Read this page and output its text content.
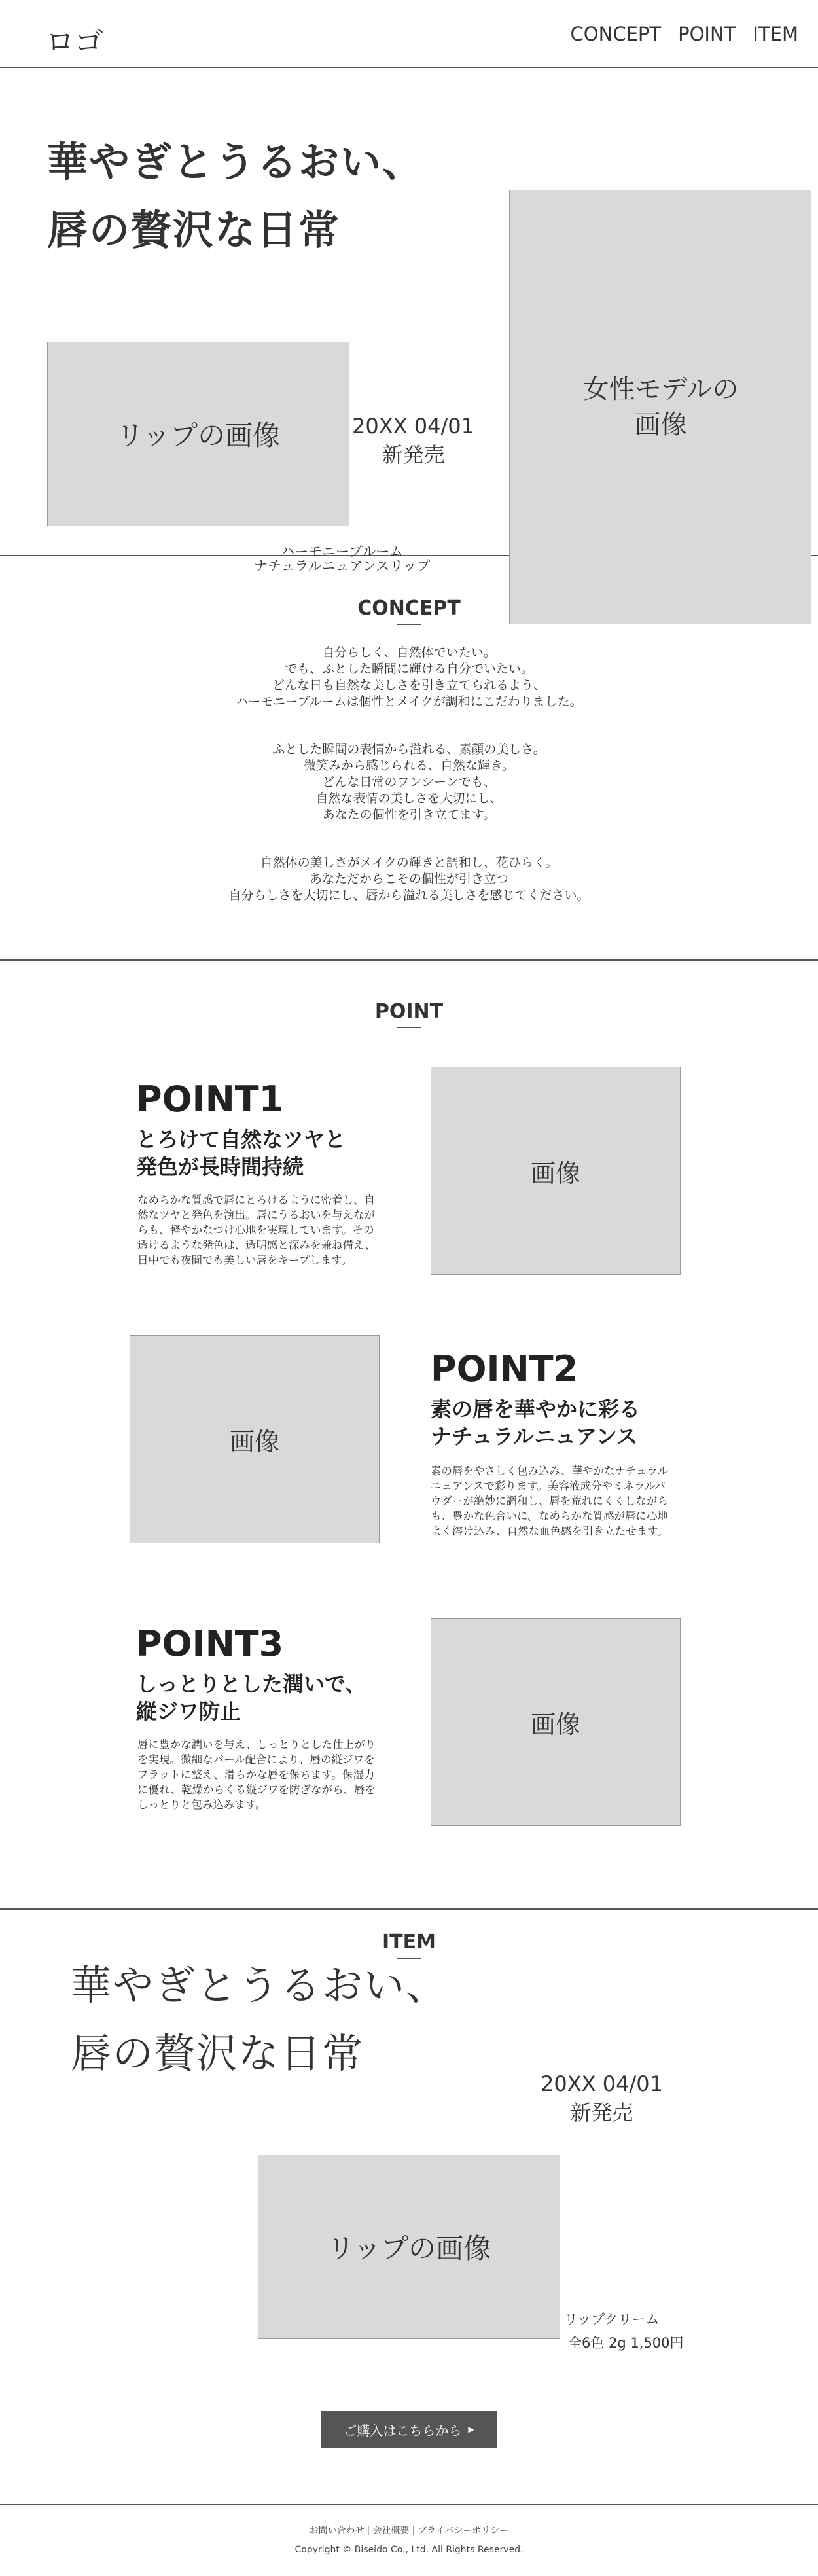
ロゴ	CONCEPT POINT ITEM
華やぎとうるおい、
唇の贅沢な日常
リップの画像	20XX 04/01
新発売
ハーモニーブルーム
ナチュラルニュアンスリップ
女性モデルの
画像
CONCEPT

自分らしく、自然体でいたい。
でも、ふとした瞬間に輝ける自分でいたい。
どんな日も自然な美しさを引き立てられるよう、
ハーモニーブルームは個性とメイクが調和にこだわりました。

ふとした瞬間の表情から溢れる、素顔の美しさ。
微笑みから感じられる、自然な輝き。
どんな日常のワンシーンでも、
自然な表情の美しさを大切にし、
あなたの個性を引き立てます。

自然体の美しさがメイクの輝きと調和し、花ひらく。
あなただからこその個性が引き立つ
自分らしさを大切にし、唇から溢れる美しさを感じてください。

POINT
POINT1
とろけて自然なツヤと
発色が長時間持続
なめらかな質感で唇にとろけるように密着し、自然なツヤと発色を演出。唇にうるおいを与えながらも、軽やかなつけ心地を実現しています。その透けるような発色は、透明感と深みを兼ね備え、日中でも夜間でも美しい唇をキープします。
画像
画像
POINT2
素の唇を華やかに彩る
ナチュラルニュアンス
素の唇をやさしく包み込み、華やかなナチュラルニュアンスで彩ります。美容液成分やミネラルパウダーが絶妙に調和し、唇を荒れにくくしながらも、豊かな色合いに。なめらかな質感が唇に心地よく溶け込み、自然な血色感を引き立たせます。
POINT3
しっとりとした潤いで、
縦ジワ防止
唇に豊かな潤いを与え、しっとりとした仕上がりを実現。微細なパール配合により、唇の縦ジワをフラットに整え、滑らかな唇を保ちます。保湿力に優れ、乾燥からくる縦ジワを防ぎながら、唇をしっとりと包み込みます。
画像
ITEM
華やぎとうるおい、
唇の贅沢な日常
20XX 04/01
新発売
リップの画像
リップクリーム
全6色 2g 1,500円
ご購入はこちらから ▶
お問い合わせ | 会社概要 | プライバシーポリシー
Copyright © Biseido Co., Ltd. All Rights Reserved.
